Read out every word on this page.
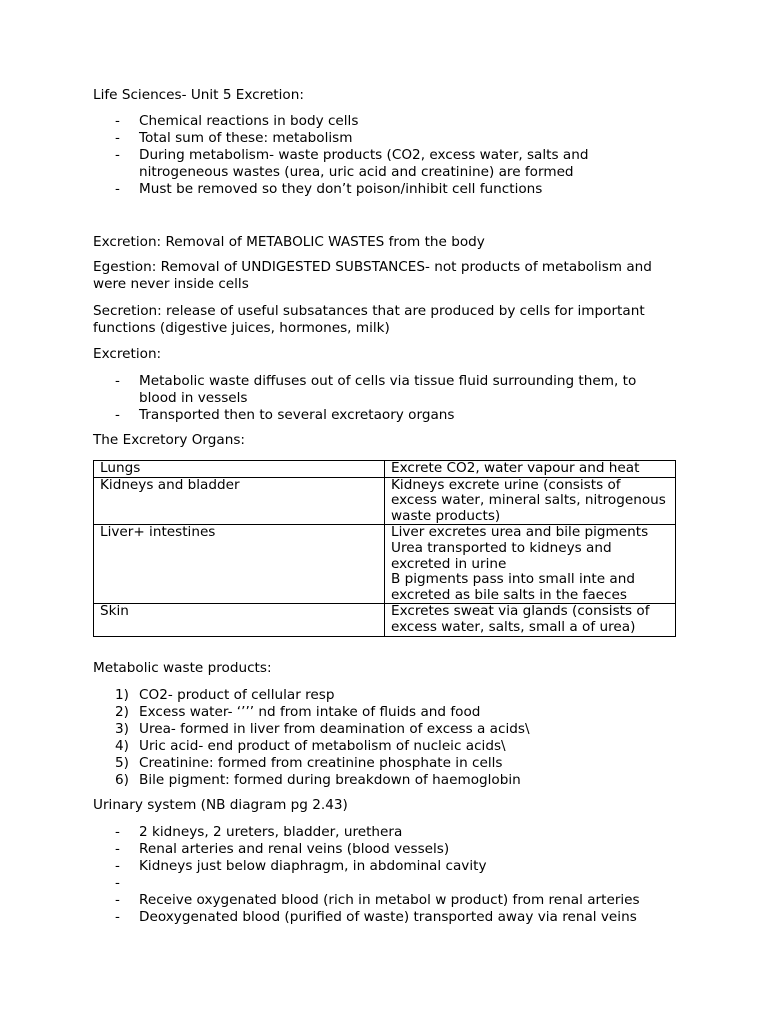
Life Sciences- Unit 5 Excretion:

- Chemical reactions in body cells
- Total sum of these: metabolism
- During metabolism- waste products (CO2, excess water, salts and nitrogeneous wastes (urea, uric acid and creatinine) are formed
- Must be removed so they don’t poison/inhibit cell functions

Excretion: Removal of METABOLIC WASTES from the body

Egestion: Removal of UNDIGESTED SUBSTANCES- not products of metabolism and were never inside cells

Secretion: release of useful subsatances that are produced by cells for important functions (digestive juices, hormones, milk)

Excretion:

- Metabolic waste diffuses out of cells via tissue fluid surrounding them, to blood in vessels
- Transported then to several excretaory organs

The Excretory Organs:

Lungs	Excrete CO2, water vapour and heat

Kidneys and bladder	Kidneys excrete urine (consists of excess water, mineral salts, nitrogenous waste products)

Liver+ intestines	Liver excretes urea and bile pigments
Urea transported to kidneys and excreted in urine
B pigments pass into small inte and excreted as bile salts in the faeces

Skin	Excretes sweat via glands (consists of excess water, salts, small a of urea)

Metabolic waste products:

1) CO2- product of cellular resp
2) Excess water- ‘’’’ nd from intake of fluids and food
3) Urea- formed in liver from deamination of excess a acids\
4) Uric acid- end product of metabolism of nucleic acids\
5) Creatinine: formed from creatinine phosphate in cells
6) Bile pigment: formed during breakdown of haemoglobin

Urinary system (NB diagram pg 2.43)

- 2 kidneys, 2 ureters, bladder, urethera
- Renal arteries and renal veins (blood vessels)
- Kidneys just below diaphragm, in abdominal cavity
-
- Receive oxygenated blood (rich in metabol w product) from renal arteries
- Deoxygenated blood (purified of waste) transported away via renal veins
